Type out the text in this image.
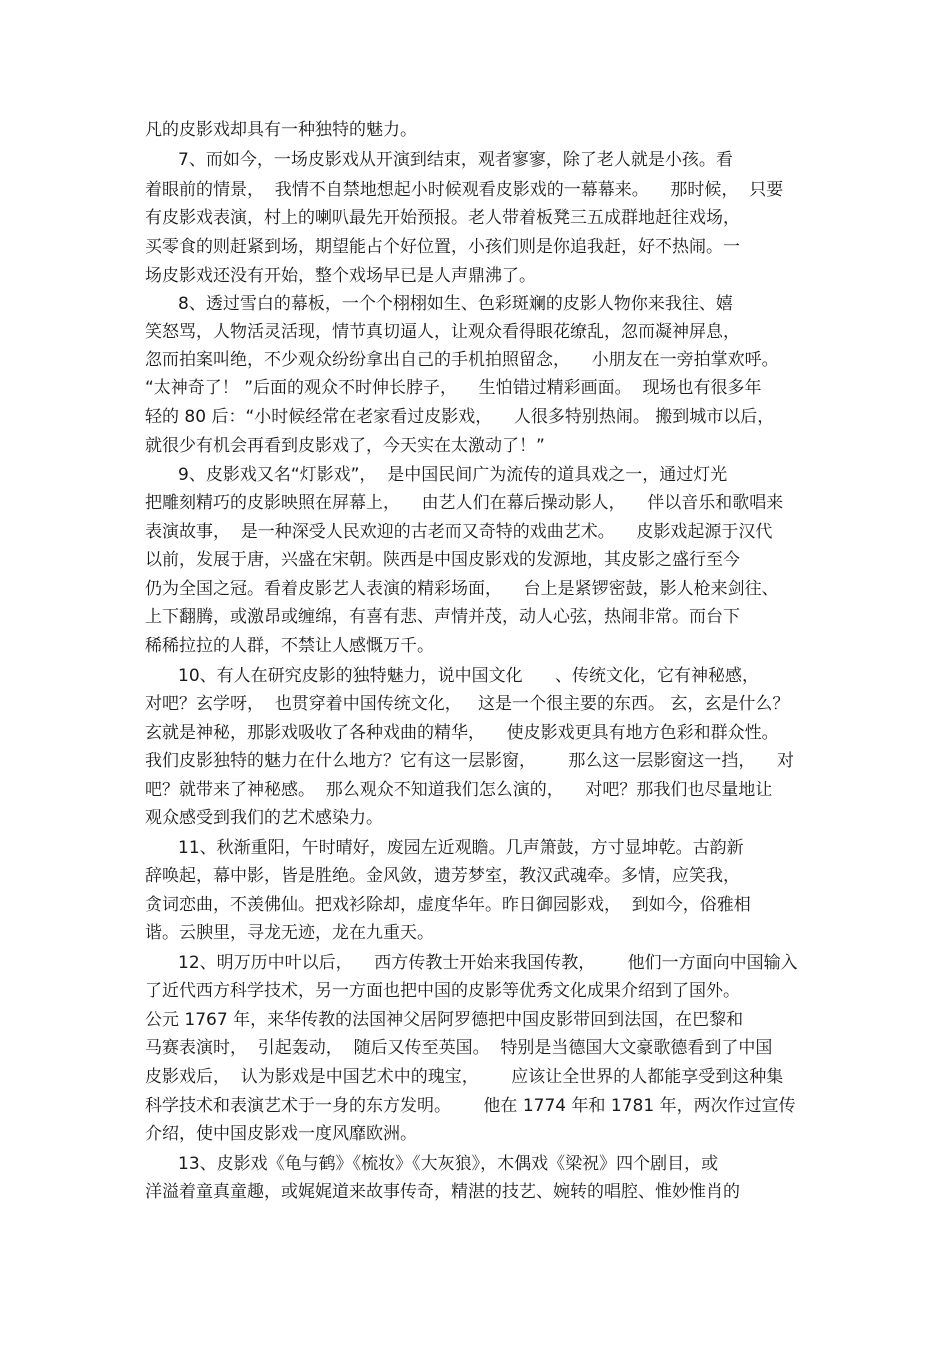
凡的皮影戏却具有一种独特的魅力。
7、而如今，一场皮影戏从开演到结束，观者寥寥，除了老人就是小孩。看
着眼前的情景，  我情不自禁地想起小时候观看皮影戏的一幕幕来。    那时候，  只要
有皮影戏表演，村上的喇叭最先开始预报。老人带着板凳三五成群地赶往戏场，
买零食的则赶紧到场，期望能占个好位置，小孩们则是你追我赶，好不热闹。一
场皮影戏还没有开始，整个戏场早已是人声鼎沸了。
8、透过雪白的幕板，一个个栩栩如生、色彩斑斓的皮影人物你来我往、嬉
笑怒骂，人物活灵活现，情节真切逼人，让观众看得眼花缭乱，忽而凝神屏息，
忽而拍案叫绝，不少观众纷纷拿出自己的手机拍照留念，    小朋友在一旁拍掌欢呼。
“太神奇了！ ”后面的观众不时伸长脖子，    生怕错过精彩画面。  现场也有很多年
轻的 80 后：“小时候经常在老家看过皮影戏，    人很多特别热闹。 搬到城市以后，
就很少有机会再看到皮影戏了，今天实在太激动了！”
9、皮影戏又名“灯影戏”，  是中国民间广为流传的道具戏之一，通过灯光
把雕刻精巧的皮影映照在屏幕上，    由艺人们在幕后操动影人，    伴以音乐和歌唱来
表演故事，  是一种深受人民欢迎的古老而又奇特的戏曲艺术。    皮影戏起源于汉代
以前，发展于唐，兴盛在宋朝。陕西是中国皮影戏的发源地，其皮影之盛行至今
仍为全国之冠。看着皮影艺人表演的精彩场面，    台上是紧锣密鼓，影人枪来剑往、
上下翻腾，或激昂或缠绵，有喜有悲、声情并茂，动人心弦，热闹非常。而台下
稀稀拉拉的人群，不禁让人感慨万千。
10、有人在研究皮影的独特魅力，说中国文化      、传统文化，它有神秘感，
对吧？玄学呀，  也贯穿着中国传统文化，   这是一个很主要的东西。 玄，玄是什么？
玄就是神秘，那影戏吸收了各种戏曲的精华，    使皮影戏更具有地方色彩和群众性。
我们皮影独特的魅力在什么地方？它有这一层影窗，      那么这一层影窗这一挡，    对
吧？就带来了神秘感。  那么观众不知道我们怎么演的，    对吧？那我们也尽量地让
观众感受到我们的艺术感染力。
11、秋渐重阳，午时晴好，废园左近观瞻。几声箫鼓，方寸显坤乾。古韵新
辞唤起，幕中影，皆是胜绝。金风敛，遗芳梦室，教汉武魂牵。多情，应笑我，
贪词恋曲，不羡佛仙。把戏衫除却，虚度华年。昨日御园影戏，  到如今，俗雅相
谐。云腴里，寻龙无迹，龙在九重天。
12、明万历中叶以后，    西方传教士开始来我国传教，      他们一方面向中国输入
了近代西方科学技术，另一方面也把中国的皮影等优秀文化成果介绍到了国外。
公元 1767 年，来华传教的法国神父居阿罗德把中国皮影带回到法国，在巴黎和
马赛表演时，  引起轰动，  随后又传至英国。  特别是当德国大文豪歌德看到了中国
皮影戏后，  认为影戏是中国艺术中的瑰宝，      应该让全世界的人都能享受到这种集
科学技术和表演艺术于一身的东方发明。      他在 1774 年和 1781 年，两次作过宣传
介绍，使中国皮影戏一度风靡欧洲。
13、皮影戏《龟与鹤》《梳妆》《大灰狼》，木偶戏《梁祝》四个剧目，或
洋溢着童真童趣，或娓娓道来故事传奇，精湛的技艺、婉转的唱腔、惟妙惟肖的
